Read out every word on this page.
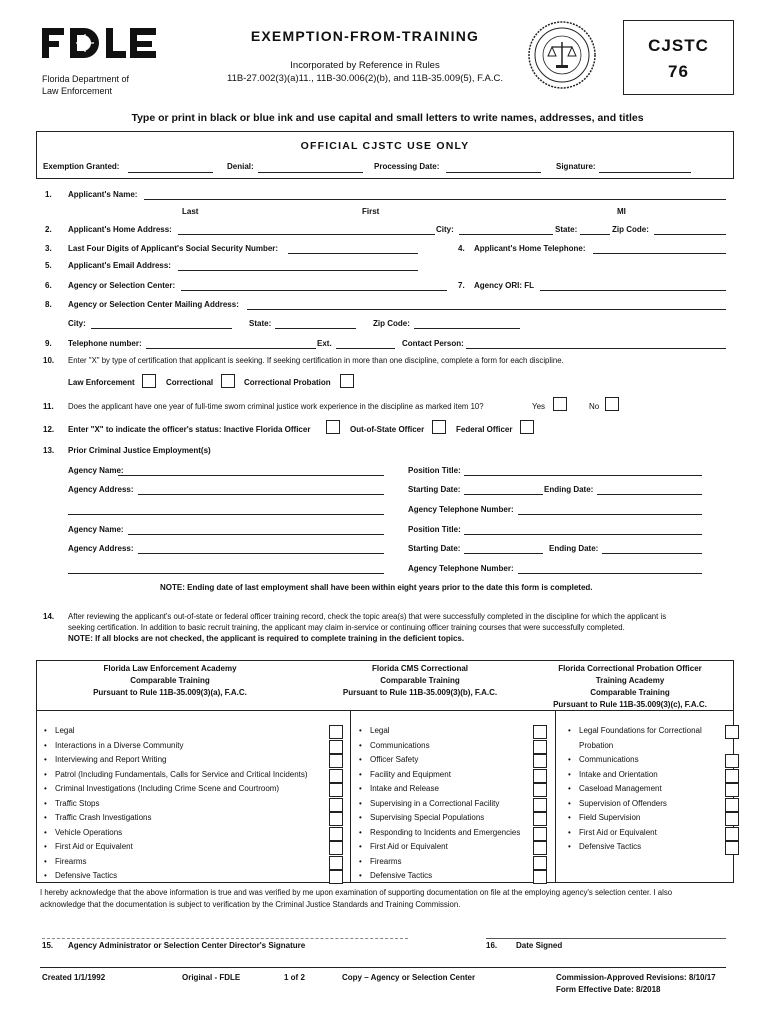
Florida Department of
Law Enforcement
EXEMPTION-FROM-TRAINING
Incorporated by Reference in Rules
11B-27.002(3)(a)11., 11B-30.006(2)(b), and 11B-35.009(5), F.A.C.
CJSTC
76
Type or print in black or blue ink and use capital and small letters to write names, addresses, and titles
OFFICIAL CJSTC USE ONLY
Exemption Granted:	Denial:	Processing Date:	Signature:
1. Applicant's Name:
Last	First	MI
2. Applicant's Home Address:	City:	State:	Zip Code:
3. Last Four Digits of Applicant's Social Security Number:	4. Applicant's Home Telephone:
5. Applicant's Email Address:
6. Agency or Selection Center:	7. Agency ORI: FL
8. Agency or Selection Center Mailing Address:
City:	State:	Zip Code:
9. Telephone number:	Ext.	Contact Person:
10. Enter "X" by type of certification that applicant is seeking. If seeking certification in more than one discipline, complete a form for each discipline.
Law Enforcement	Correctional	Correctional Probation
11. Does the applicant have one year of full-time sworn criminal justice work experience in the discipline as marked item 10?	Yes	No
12. Enter "X" to indicate the officer's status: Inactive Florida Officer	Out-of-State Officer	Federal Officer
13. Prior Criminal Justice Employment(s)
Agency Name:	Position Title:
Agency Address:	Starting Date:	Ending Date:
Agency Telephone Number:
Agency Name:	Position Title:
Agency Address:	Starting Date:	Ending Date:
Agency Telephone Number:
NOTE: Ending date of last employment shall have been within eight years prior to the date this form is completed.
14. After reviewing the applicant's out-of-state or federal officer training record, check the topic area(s) that were successfully completed in the discipline for which the applicant is
seeking certification. In addition to basic recruit training, the applicant may claim in-service or continuing officer training courses that were successfully completed.
NOTE: If all blocks are not checked, the applicant is required to complete training in the deficient topics.
Florida Law Enforcement Academy
Comparable Training
Pursuant to Rule 11B-35.009(3)(a), F.A.C.
Florida CMS Correctional
Comparable Training
Pursuant to Rule 11B-35.009(3)(b), F.A.C.
Florida Correctional Probation Officer
Training Academy
Comparable Training
Pursuant to Rule 11B-35.009(3)(c), F.A.C.
• Legal
• Interactions in a Diverse Community
• Interviewing and Report Writing
• Patrol (Including Fundamentals, Calls for Service and Critical Incidents)
• Criminal Investigations (Including Crime Scene and Courtroom)
• Traffic Stops
• Traffic Crash Investigations
• Vehicle Operations
• First Aid or Equivalent
• Firearms
• Defensive Tactics
• Legal
• Communications
• Officer Safety
• Facility and Equipment
• Intake and Release
• Supervising in a Correctional Facility
• Supervising Special Populations
• Responding to Incidents and Emergencies
• First Aid or Equivalent
• Firearms
• Defensive Tactics
• Legal Foundations for Correctional
Probation
• Communications
• Intake and Orientation
• Caseload Management
• Supervision of Offenders
• Field Supervision
• First Aid or Equivalent
• Defensive Tactics
I hereby acknowledge that the above information is true and was verified by me upon examination of supporting documentation on file at the employing agency's selection center. I also
acknowledge that the documentation is subject to verification by the Criminal Justice Standards and Training Commission.
15. Agency Administrator or Selection Center Director's Signature	16. Date Signed
Created 1/1/1992	Original - FDLE	1 of 2	Copy – Agency or Selection Center	Commission-Approved Revisions: 8/10/17
Form Effective Date: 8/2018
